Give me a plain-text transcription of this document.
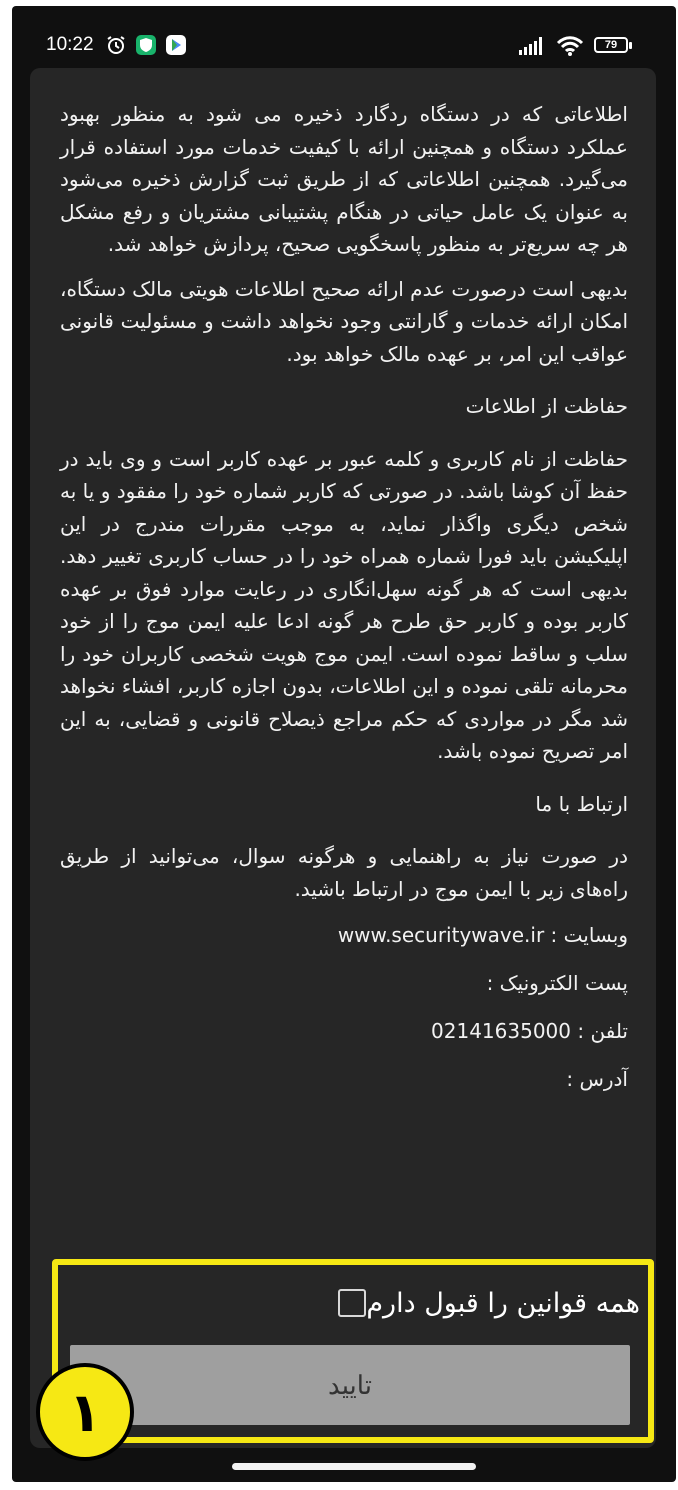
10:22	79

اطلاعاتی که در دستگاه ردگارد ذخیره می شود به منظور بهبود عملکرد دستگاه و همچنین ارائه با کیفیت خدمات مورد استفاده قرار می‌گیرد. همچنین اطلاعاتی که از طریق ثبت گزارش ذخیره می‌شود به عنوان یک عامل حیاتی در هنگام پشتیبانی مشتریان و رفع مشکل هر چه سریع‌تر به منظور پاسخگویی صحیح، پردازش خواهد شد.

بدیهی است درصورت عدم ارائه صحیح اطلاعات هویتی مالک دستگاه، امکان ارائه خدمات و گارانتی وجود نخواهد داشت و مسئولیت قانونی عواقب این امر، بر عهده مالک خواهد بود.

حفاظت از اطلاعات

حفاظت از نام کاربری و کلمه عبور بر عهده کاربر است و وی باید در حفظ آن کوشا باشد. در صورتی که کاربر شماره خود را مفقود و یا به شخص دیگری واگذار نماید، به موجب مقررات مندرج در این اپلیکیشن باید فورا شماره همراه خود را در حساب کاربری تغییر دهد. بدیهی است که هر گونه سهل‌انگاری در رعایت موارد فوق بر عهده کاربر بوده و کاربر حق طرح هر گونه ادعا علیه ایمن موج را از خود سلب و ساقط نموده است. ایمن موج هویت شخصی کاربران خود را محرمانه تلقی نموده و این اطلاعات، بدون اجازه کاربر، افشاء نخواهد شد مگر در مواردی که حکم مراجع ذیصلاح قانونی و قضایی، به این امر تصریح نموده باشد.

ارتباط با ما

در صورت نیاز به راهنمایی و هرگونه سوال، می‌توانید از طریق راه‌های زیر با ایمن موج در ارتباط باشید.

وبسایت : www.securitywave.ir

پست الکترونیک :

تلفن : 02141635000

آدرس :

همه قوانین را قبول دارم
تایید
١
